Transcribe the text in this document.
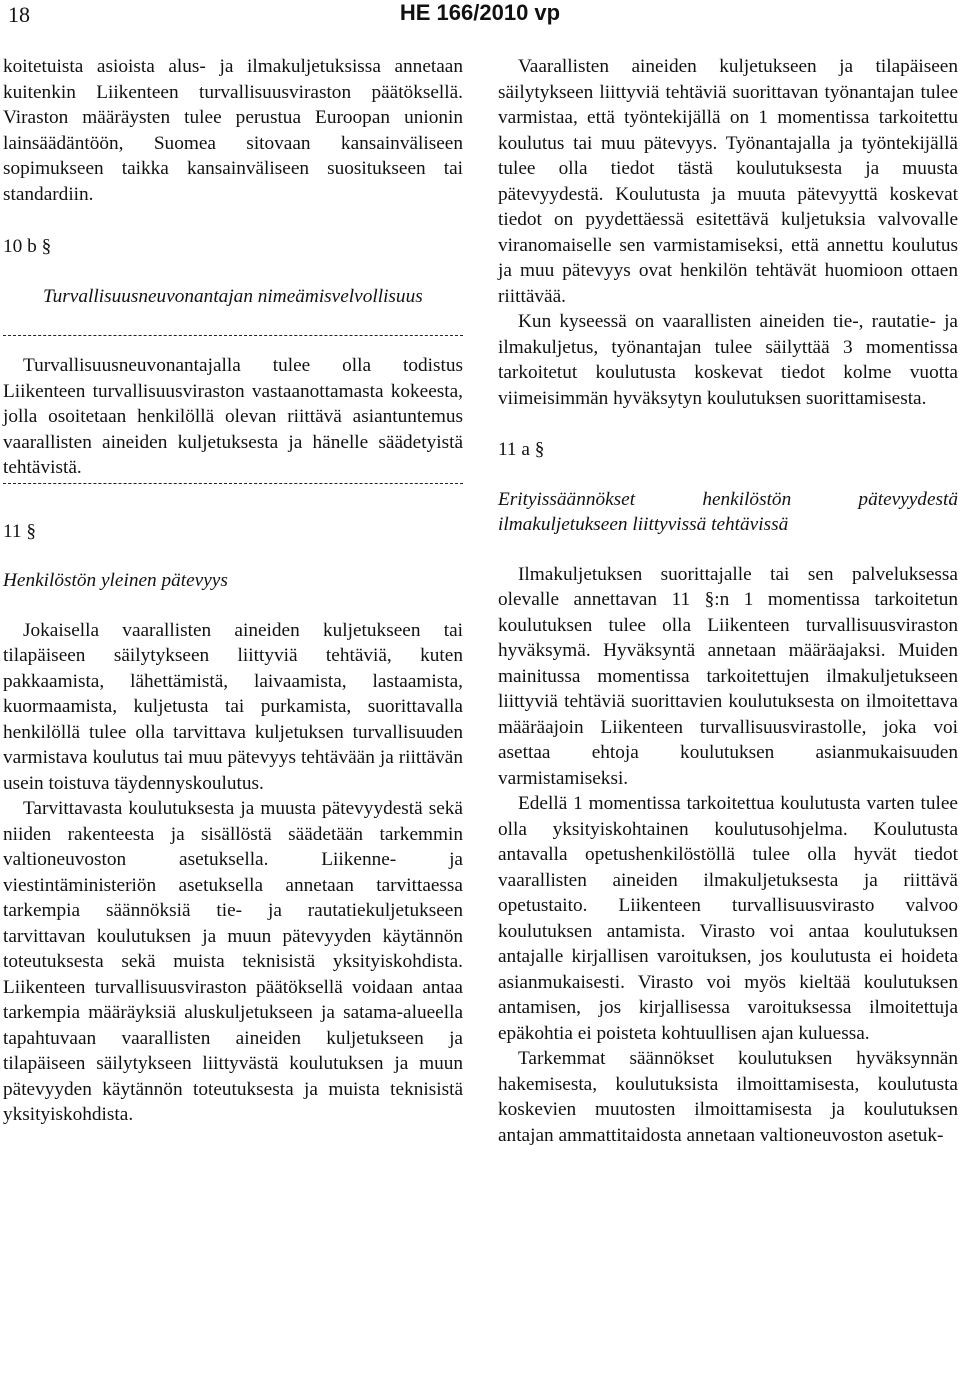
18	HE 166/2010 vp

koitetuista asioista alus- ja ilmakuljetuksissa annetaan kuitenkin Liikenteen turvallisuusviraston päätöksellä. Viraston määräysten tulee perustua Euroopan unionin lainsäädäntöön, Suomea sitovaan kansainväliseen sopimukseen taikka kansainväliseen suositukseen tai standardiin.

10 b §

Turvallisuusneuvonantajan nimeämisvelvollisuus

Turvallisuusneuvonantajalla tulee olla todistus Liikenteen turvallisuusviraston vastaanottamasta kokeesta, jolla osoitetaan henkilöllä olevan riittävä asiantuntemus vaarallisten aineiden kuljetuksesta ja hänelle säädetyistä tehtävistä.

11 §

Henkilöstön yleinen pätevyys

Jokaisella vaarallisten aineiden kuljetukseen tai tilapäiseen säilytykseen liittyviä tehtäviä, kuten pakkaamista, lähettämistä, laivaamista, lastaamista, kuormaamista, kuljetusta tai purkamista, suorittavalla henkilöllä tulee olla tarvittava kuljetuksen turvallisuuden varmistava koulutus tai muu pätevyys tehtävään ja riittävän usein toistuva täydennyskoulutus.

Tarvittavasta koulutuksesta ja muusta pätevyydestä sekä niiden rakenteesta ja sisällöstä säädetään tarkemmin valtioneuvoston asetuksella. Liikenne- ja viestintäministeriön asetuksella annetaan tarvittaessa tarkempia säännöksiä tie- ja rautatiekuljetukseen tarvittavan koulutuksen ja muun pätevyyden käytännön toteutuksesta sekä muista teknisistä yksityiskohdista. Liikenteen turvallisuusviraston päätöksellä voidaan antaa tarkempia määräyksiä aluskuljetukseen ja satama-alueella tapahtuvaan vaarallisten aineiden kuljetukseen ja tilapäiseen säilytykseen liittyvästä koulutuksen ja muun pätevyyden käytännön toteutuksesta ja muista teknisistä yksityiskohdista.

Vaarallisten aineiden kuljetukseen ja tilapäiseen säilytykseen liittyviä tehtäviä suorittavan työnantajan tulee varmistaa, että työntekijällä on 1 momentissa tarkoitettu koulutus tai muu pätevyys. Työnantajalla ja työntekijällä tulee olla tiedot tästä koulutuksesta ja muusta pätevyydestä. Koulutusta ja muuta pätevyyttä koskevat tiedot on pyydettäessä esitettävä kuljetuksia valvovalle viranomaiselle sen varmistamiseksi, että annettu koulutus ja muu pätevyys ovat henkilön tehtävät huomioon ottaen riittävää.

Kun kyseessä on vaarallisten aineiden tie-, rautatie- ja ilmakuljetus, työnantajan tulee säilyttää 3 momentissa tarkoitetut koulutusta koskevat tiedot kolme vuotta viimeisimmän hyväksytyn koulutuksen suorittamisesta.

11 a §

Erityissäännökset henkilöstön pätevyydestä ilmakuljetukseen liittyvissä tehtävissä

Ilmakuljetuksen suorittajalle tai sen palveluksessa olevalle annettavan 11 §:n 1 momentissa tarkoitetun koulutuksen tulee olla Liikenteen turvallisuusviraston hyväksymä. Hyväksyntä annetaan määräajaksi. Muiden mainitussa momentissa tarkoitettujen ilmakuljetukseen liittyviä tehtäviä suorittavien koulutuksesta on ilmoitettava määräajoin Liikenteen turvallisuusvirastolle, joka voi asettaa ehtoja koulutuksen asianmukaisuuden varmistamiseksi.

Edellä 1 momentissa tarkoitettua koulutusta varten tulee olla yksityiskohtainen koulutusohjelma. Koulutusta antavalla opetushenkilöstöllä tulee olla hyvät tiedot vaarallisten aineiden ilmakuljetuksesta ja riittävä opetustaito. Liikenteen turvallisuusvirasto valvoo koulutuksen antamista. Virasto voi antaa koulutuksen antajalle kirjallisen varoituksen, jos koulutusta ei hoideta asianmukaisesti. Virasto voi myös kieltää koulutuksen antamisen, jos kirjallisessa varoituksessa ilmoitettuja epäkohtia ei poisteta kohtuullisen ajan kuluessa.

Tarkemmat säännökset koulutuksen hyväksynnän hakemisesta, koulutuksista ilmoittamisesta, koulutusta koskevien muutosten ilmoittamisesta ja koulutuksen antajan ammattitaidosta annetaan valtioneuvoston asetuk-
